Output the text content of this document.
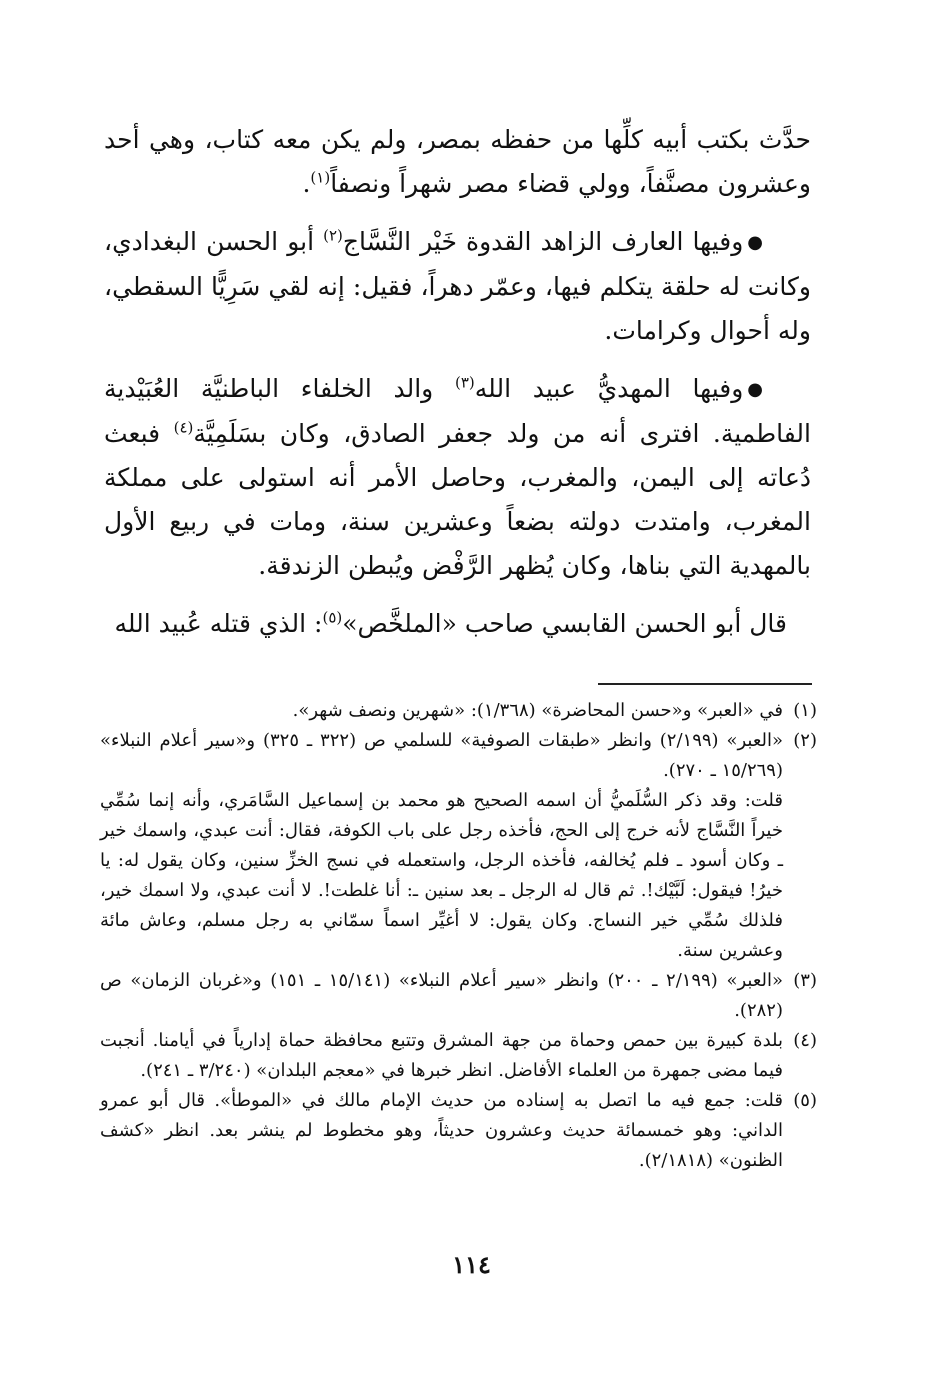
حدَّث بكتب أبيه كلِّها من حفظه بمصر، ولم يكن معه كتاب، وهي أحد وعشرون مصنَّفاً، وولي قضاء مصر شهراً ونصفاً$^{(١)}$.

●وفيها العارف الزاهد القدوة خَيْر النَّسَّاج$^{(٢)}$ أبو الحسن البغدادي، وكانت له حلقة يتكلم فيها، وعمّر دهراً، فقيل: إنه لقي سَرِيًّا السقطي، وله أحوال وكرامات.

●وفيها المهديُّ عبيد الله$^{(٣)}$ والد الخلفاء الباطنيَّة العُبَيْدية الفاطمية. افترى أنه من ولد جعفر الصادق، وكان بسَلَمِيَّة$^{(٤)}$ فبعث دُعاته إلى اليمن، والمغرب، وحاصل الأمر أنه استولى على مملكة المغرب، وامتدت دولته بضعاً وعشرين سنة، ومات في ربيع الأول بالمهدية التي بناها، وكان يُظهر الرَّفْض ويُبطن الزندقة.

قال أبو الحسن القابسي صاحب «الملخَّص»$^{(٥)}$: الذي قتله عُبيد الله

(١)

في «العبر» و«حسن المحاضرة» (١/٣٦٨): «شهرين ونصف شهر».

(٢)

«العبر» (٢/١٩٩) وانظر «طبقات الصوفية» للسلمي ص (٣٢٢ ـ ٣٢٥) و«سير أعلام النبلاء» (١٥/٢٦٩ ـ ٢٧٠).

قلت: وقد ذكر السُّلَميُّ أن اسمه الصحيح هو محمد بن إسماعيل السَّامَري، وأنه إنما سُمِّي خيراً النَّسَّاج لأنه خرج إلى الحج، فأخذه رجل على باب الكوفة، فقال: أنت عبدي، واسمك خير ـ وكان أسود ـ فلم يُخالفه، فأخذه الرجل، واستعمله في نسج الخزِّ سنين، وكان يقول له: يا خيرُ! فيقول: لَبَّيْك!. ثم قال له الرجل ـ بعد سنين ـ: أنا غلطت!. لا أنت عبدي، ولا اسمك خير، فلذلك سُمِّي خير النساج. وكان يقول: لا أغيِّر اسماً سمّاني به رجل مسلم، وعاش مائة وعشرين سنة.

(٣)

«العبر» (٢/١٩٩ ـ ٢٠٠) وانظر «سير أعلام النبلاء» (١٥/١٤١ ـ ١٥١) و«غربان الزمان» ص (٢٨٢).

(٤)

بلدة كبيرة بين حمص وحماة من جهة المشرق وتتبع محافظة حماة إدارياً في أيامنا. أنجبت فيما مضى جمهرة من العلماء الأفاضل. انظر خبرها في «معجم البلدان» (٣/٢٤٠ ـ ٢٤١).

(٥)

قلت: جمع فيه ما اتصل به إسناده من حديث الإمام مالك في «الموطأ». قال أبو عمرو الداني: وهو خمسمائة حديث وعشرون حديثاً، وهو مخطوط لم ينشر بعد. انظر «كشف الظنون» (٢/١٨١٨).

١١٤
